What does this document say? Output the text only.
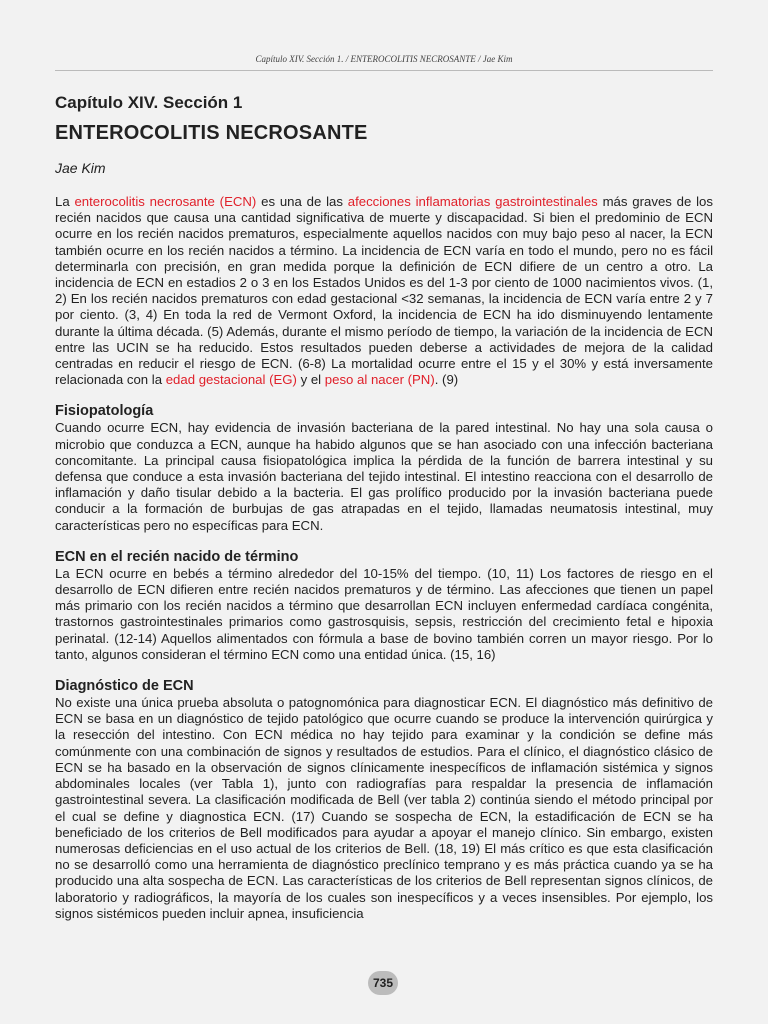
Capítulo XIV. Sección 1. / ENTEROCOLITIS NECROSANTE / Jae Kim
Capítulo XIV. Sección 1
ENTEROCOLITIS NECROSANTE
Jae Kim

La enterocolitis necrosante (ECN) es una de las afecciones inflamatorias gastrointestinales más graves de los recién nacidos que causa una cantidad significativa de muerte y discapacidad. Si bien el predominio de ECN ocurre en los recién nacidos prematuros, especialmente aquellos nacidos con muy bajo peso al nacer, la ECN también ocurre en los recién nacidos a término. La incidencia de ECN varía en todo el mundo, pero no es fácil determinarla con precisión, en gran medida porque la definición de ECN difiere de un centro a otro. La incidencia de ECN en estadios 2 o 3 en los Estados Unidos es del 1-3 por ciento de 1000 nacimientos vivos. (1, 2) En los recién nacidos prematuros con edad gestacional <32 semanas, la incidencia de ECN varía entre 2 y 7 por ciento. (3, 4) En toda la red de Vermont Oxford, la incidencia de ECN ha ido disminuyendo lentamente durante la última década. (5) Además, durante el mismo período de tiempo, la variación de la incidencia de ECN entre las UCIN se ha reducido. Estos resultados pueden deberse a actividades de mejora de la calidad centradas en reducir el riesgo de ECN. (6-8) La mortalidad ocurre entre el 15 y el 30% y está inversamente relacionada con la edad gestacional (EG) y el peso al nacer (PN). (9)

Fisiopatología

Cuando ocurre ECN, hay evidencia de invasión bacteriana de la pared intestinal. No hay una sola causa o microbio que conduzca a ECN, aunque ha habido algunos que se han asociado con una infección bacteriana concomitante. La principal causa fisiopatológica implica la pérdida de la función de barrera intestinal y su defensa que conduce a esta invasión bacteriana del tejido intestinal. El intestino reacciona con el desarrollo de inflamación y daño tisular debido a la bacteria. El gas prolífico producido por la invasión bacteriana puede conducir a la formación de burbujas de gas atrapadas en el tejido, llamadas neumatosis intestinal, muy características pero no específicas para ECN.

ECN en el recién nacido de término

La ECN ocurre en bebés a término alrededor del 10-15% del tiempo. (10, 11) Los factores de riesgo en el desarrollo de ECN difieren entre recién nacidos prematuros y de término. Las afecciones que tienen un papel más primario con los recién nacidos a término que desarrollan ECN incluyen enfermedad cardíaca congénita, trastornos gastrointestinales primarios como gastrosquisis, sepsis, restricción del crecimiento fetal e hipoxia perinatal. (12-14) Aquellos alimentados con fórmula a base de bovino también corren un mayor riesgo. Por lo tanto, algunos consideran el término ECN como una entidad única. (15, 16)

Diagnóstico de ECN

No existe una única prueba absoluta o patognomónica para diagnosticar ECN. El diagnóstico más definitivo de ECN se basa en un diagnóstico de tejido patológico que ocurre cuando se produce la intervención quirúrgica y la resección del intestino. Con ECN médica no hay tejido para examinar y la condición se define más comúnmente con una combinación de signos y resultados de estudios. Para el clínico, el diagnóstico clásico de ECN se ha basado en la observación de signos clínicamente inespecíficos de inflamación sistémica y signos abdominales locales (ver Tabla 1), junto con radiografías para respaldar la presencia de inflamación gastrointestinal severa. La clasificación modificada de Bell (ver tabla 2) continúa siendo el método principal por el cual se define y diagnostica ECN. (17) Cuando se sospecha de ECN, la estadificación de ECN se ha beneficiado de los criterios de Bell modificados para ayudar a apoyar el manejo clínico. Sin embargo, existen numerosas deficiencias en el uso actual de los criterios de Bell. (18, 19) El más crítico es que esta clasificación no se desarrolló como una herramienta de diagnóstico preclínico temprano y es más práctica cuando ya se ha producido una alta sospecha de ECN. Las características de los criterios de Bell representan signos clínicos, de laboratorio y radiográficos, la mayoría de los cuales son inespecíficos y a veces insensibles. Por ejemplo, los signos sistémicos pueden incluir apnea, insuficiencia

735
